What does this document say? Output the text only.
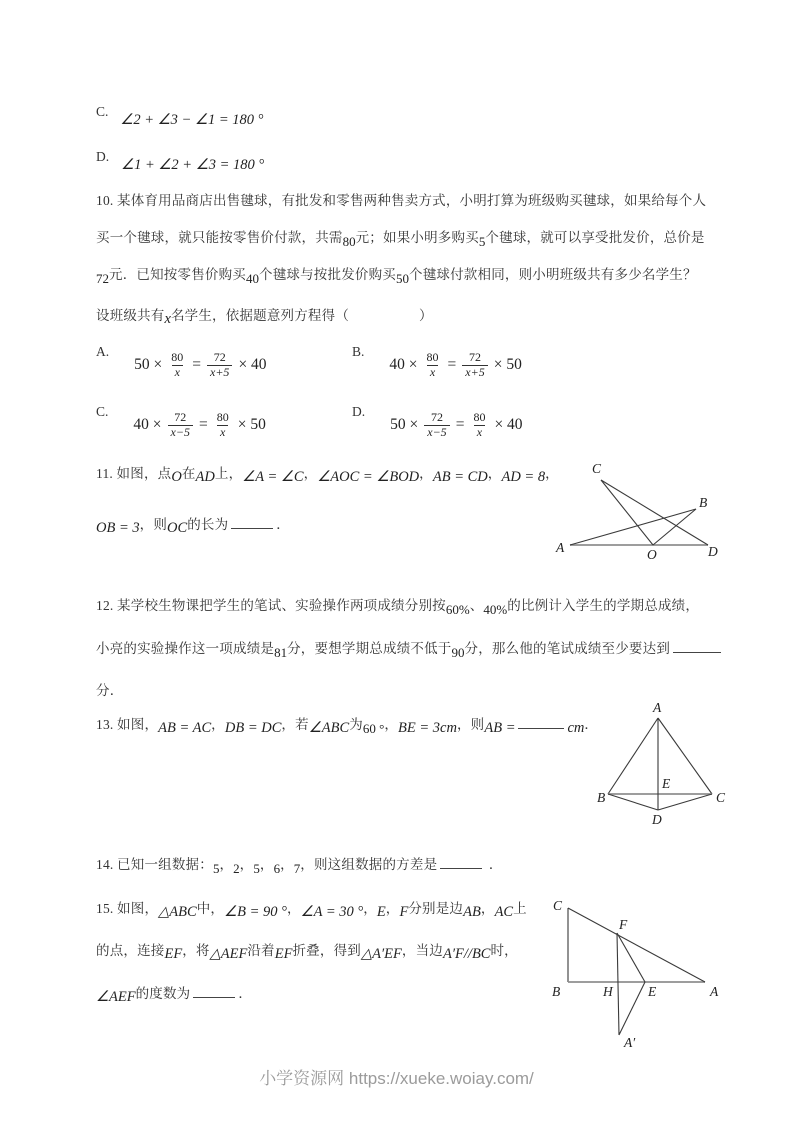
$^{C.}$∠2 + ∠3 − ∠1 = 180 °
$^{D.}$∠1 + ∠2 + ∠3 = 180 °
10. 某体育用品商店出售毽球，有批发和零售两种售卖方式，小明打算为班级购买毽球，如果给每个人
买一个毽球，就只能按零售价付款，共需$_{80}$元；如果小明多购买$_5$个毽球，就可以享受批发价，总价是
$_{72}$元．已知按零售价购买$_{40}$个毽球与按批发价购买$_{50}$个毽球付款相同，则小明班级共有多少名学生？
设班级共有x名学生，依据题意列方程得（	）
A.
$50 \times \frac{80}{x} = \frac{72}{x+5} \times 40$
B.
$40 \times \frac{80}{x} = \frac{72}{x+5} \times 50$
C.
$40 \times \frac{72}{x-5} = \frac{80}{x} \times 50$
D.
$50 \times \frac{72}{x-5} = \frac{80}{x} \times 40$
11. 如图，点O在AD上，∠A = ∠C，∠AOC = ∠BOD，AB = CD，AD = 8，
OB = 3，则OC的长为	．
12. 某学校生物课把学生的笔试、实验操作两项成绩分别按$_{60\%}$、$_{40\%}$的比例计入学生的学期总成绩，
小亮的实验操作这一项成绩是$_{81}$分，要想学期总成绩不低于$_{90}$分，那么他的笔试成绩至少要达到
分．
13. 如图，AB = AC，DB = DC，若∠ABC为$_{60 ^\circ}$，BE = 3cm，则AB =	cm．
14. 已知一组数据：$_5$，$_2$，$_5$，$_6$，$_7$，则这组数据的方差是	．
15. 如图，△ABC中，∠B = 90 °，∠A = 30 °，E，F分别是边AB，AC上
的点，连接EF，将△AEF沿着EF折叠，得到△A′EF，当边A′F//BC时，
∠AEF的度数为	．
A
B
C
D
O
A
B	C
D
E
C
B	A
F
H	E
A′
小学资源网 https://xueke.woiay.com/
